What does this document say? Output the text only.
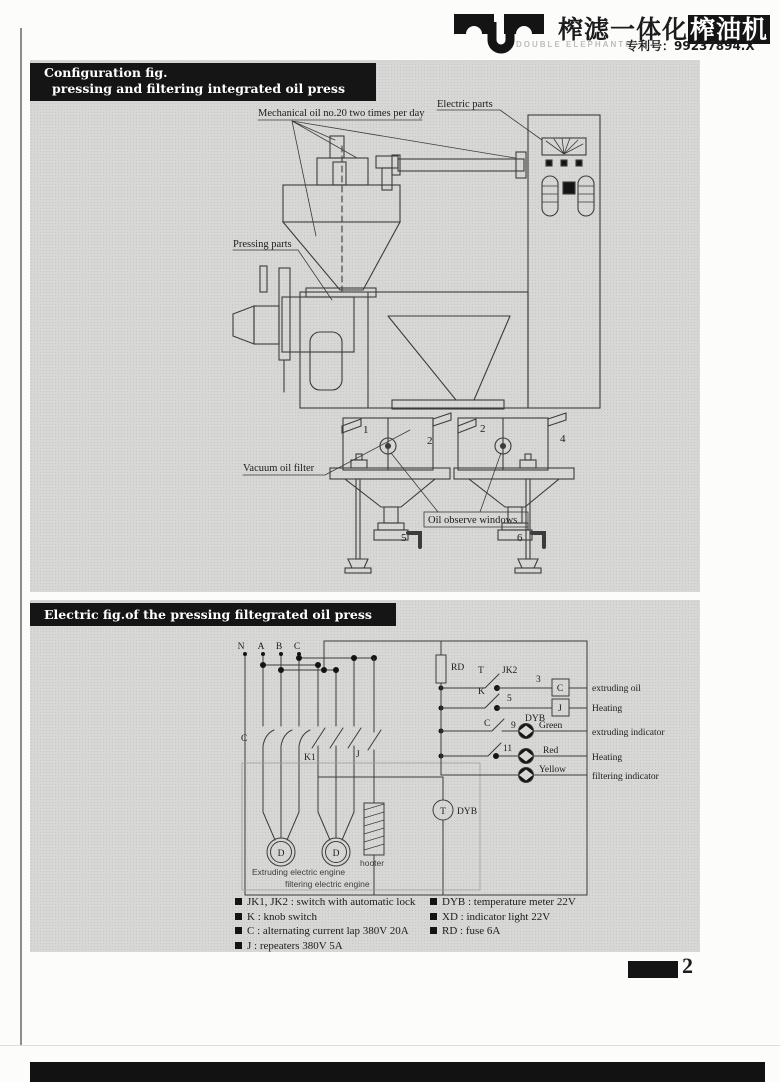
榨滤一体化榨油机
DOUBLE ELEPHANTS
专利号：99237894.X
Configuration fig.
pressing and filtering integrated oil press
Mechanical oil no.20 two times per day
Electric parts
Pressing parts
Vacuum oil filter
Oil observe windows
1
2
2
4
5	6
Electric fig.of the pressing filtegrated oil press
N A B C
RD
C
K1	J
hooter
T DYB
D	D
Extruding electric engine
filtering electric engine
T JK2
3
C	extruding oil
K
5
DYB
J	Heating
C 9 Green
extruding indicator
11	Red
Heating
Yellow
filtering indicator
JK1, JK2 : switch with automatic lock
K : knob switch
C : alternating current lap 380V 20A
J : repeaters 380V 5A
DYB : temperature meter 22V
XD : indicator light 22V
RD : fuse 6A
2
